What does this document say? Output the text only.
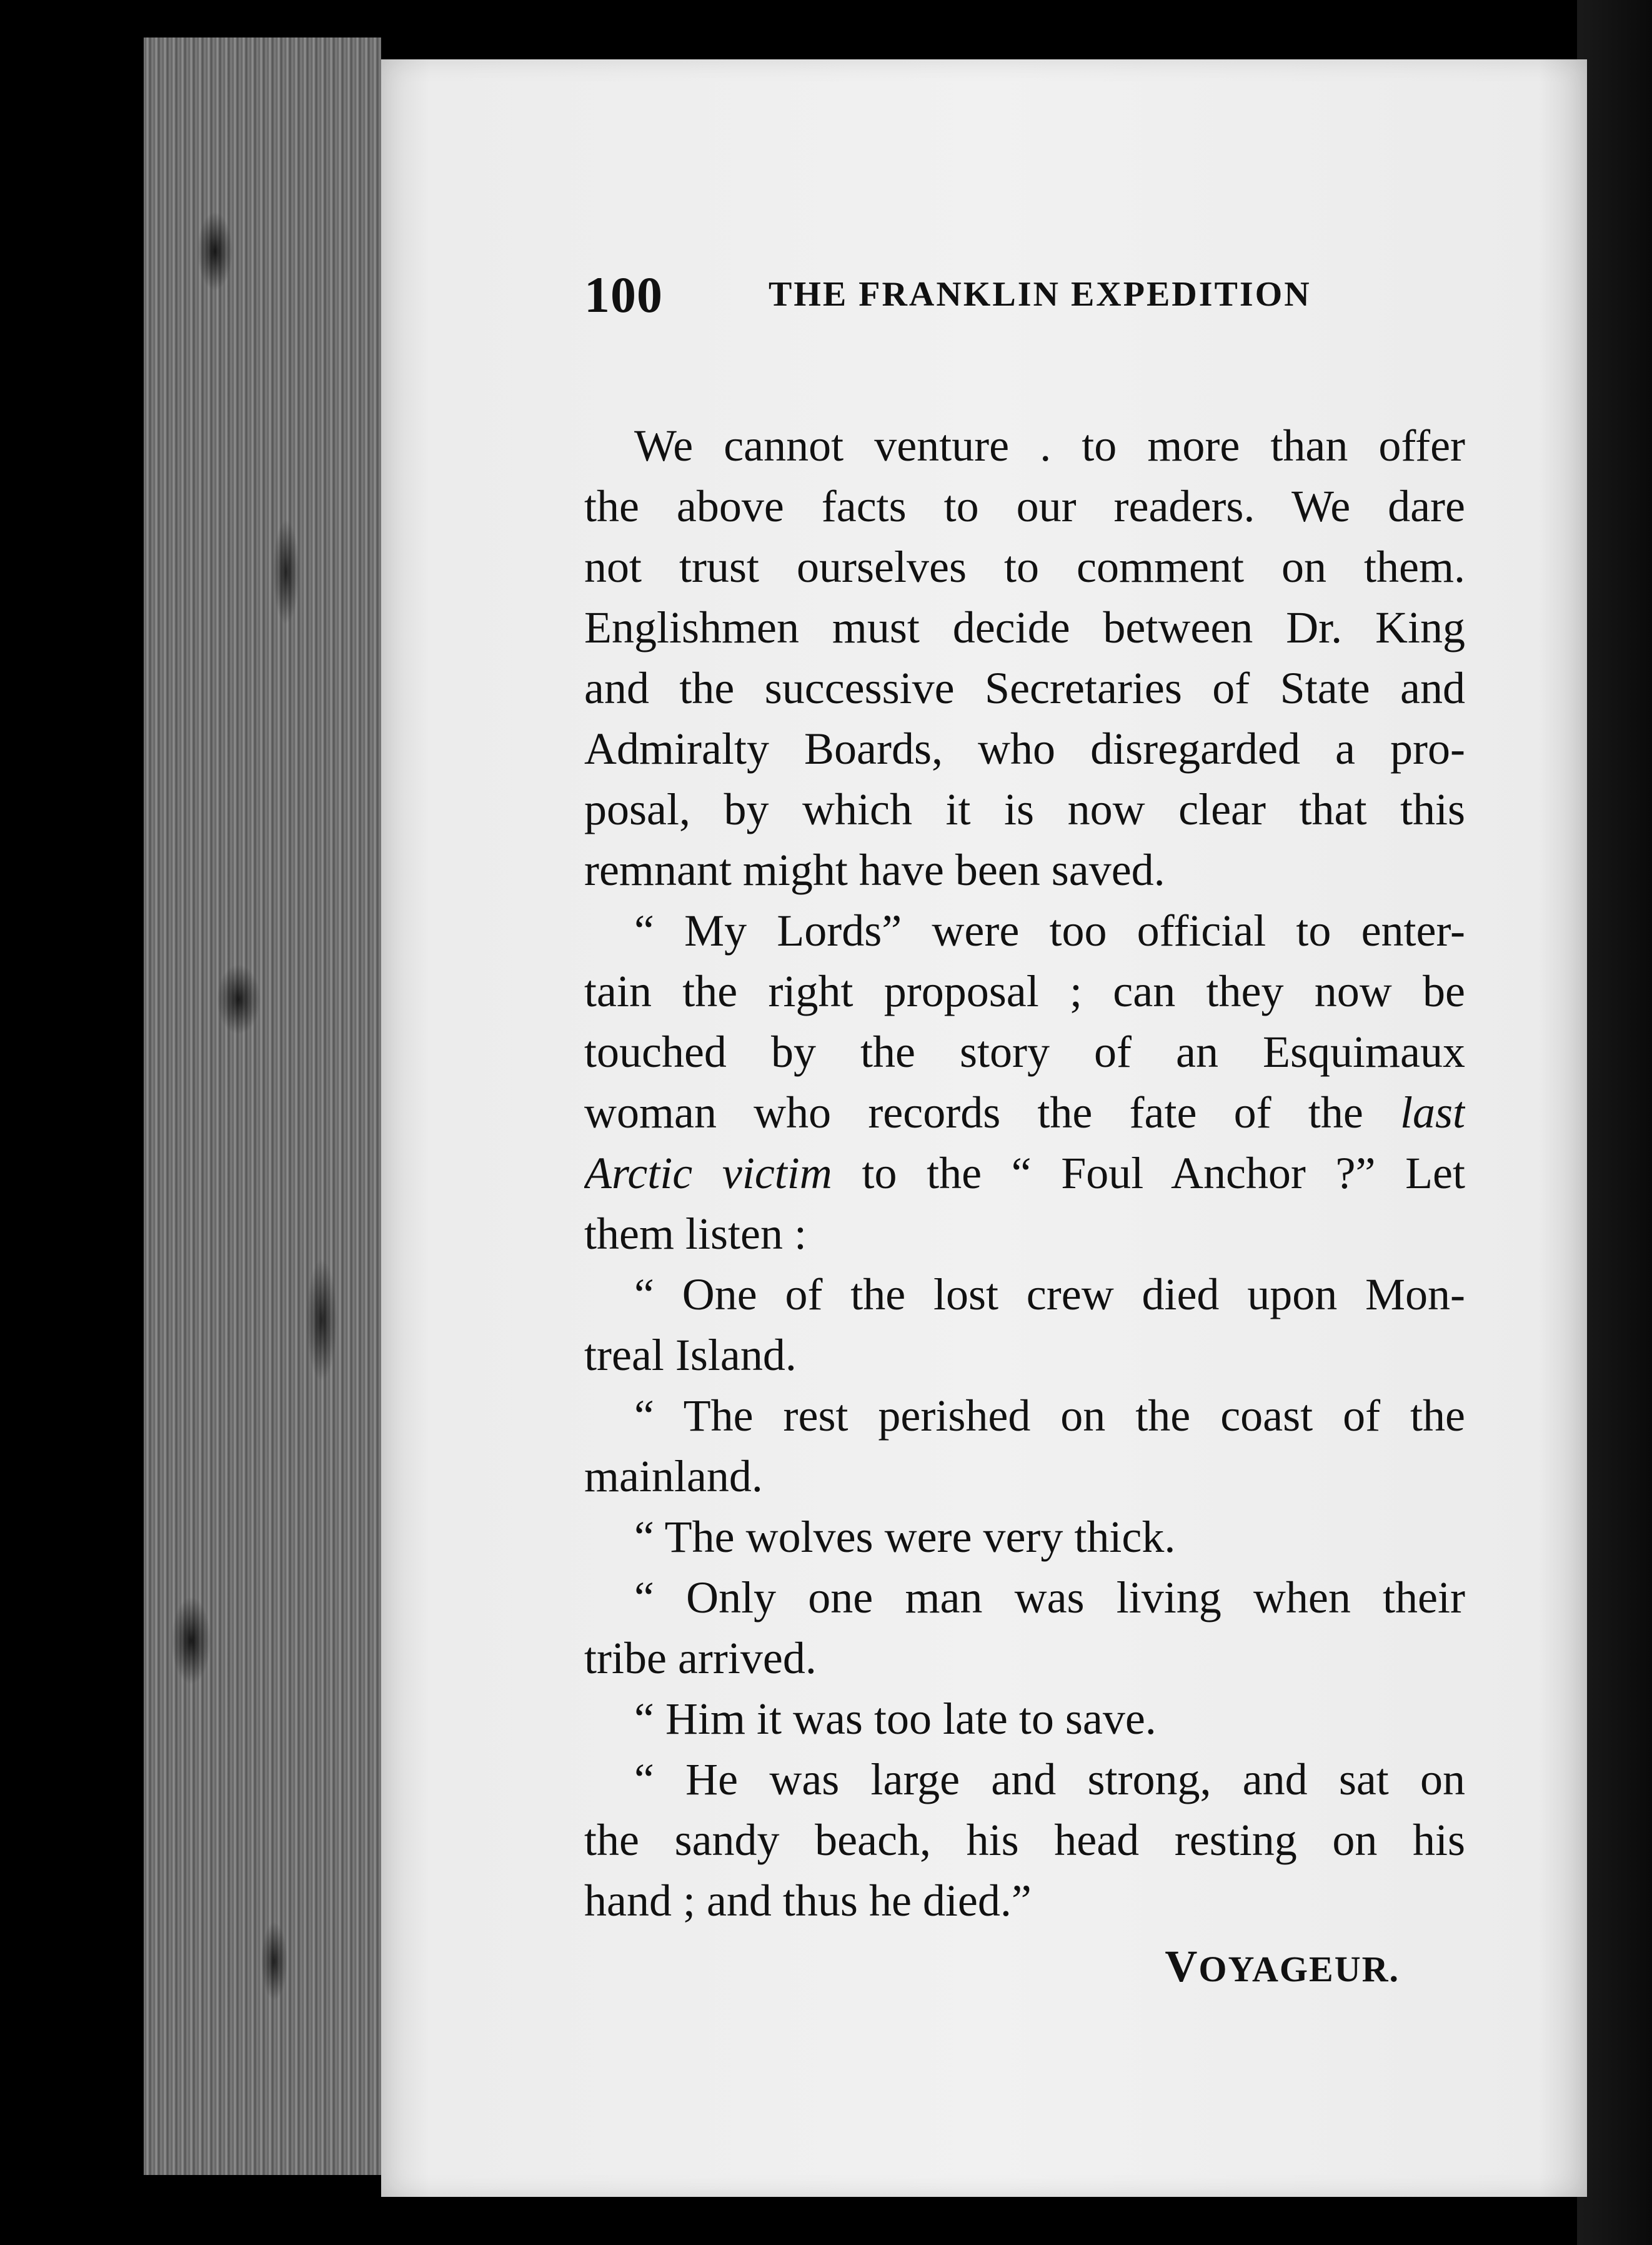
100	THE FRANKLIN EXPEDITION
We cannot venture . to more than offer
the above facts to our readers. We dare
not trust ourselves to comment on them.
Englishmen must decide between Dr. King
and the successive Secretaries of State and
Admiralty Boards, who disregarded a pro-
posal, by which it is now clear that this
remnant might have been saved.
“ My Lords” were too official to enter-
tain the right proposal ; can they now be
touched by the story of an Esquimaux
woman who records the fate of the last
Arctic victim to the “ Foul Anchor ?” Let
them listen :
“ One of the lost crew died upon Mon-
treal Island.
“ The rest perished on the coast of the
mainland.
“ The wolves were very thick.
“ Only one man was living when their
tribe arrived.
“ Him it was too late to save.
“ He was large and strong, and sat on
the sandy beach, his head resting on his
hand ; and thus he died.”
VOYAGEUR.
